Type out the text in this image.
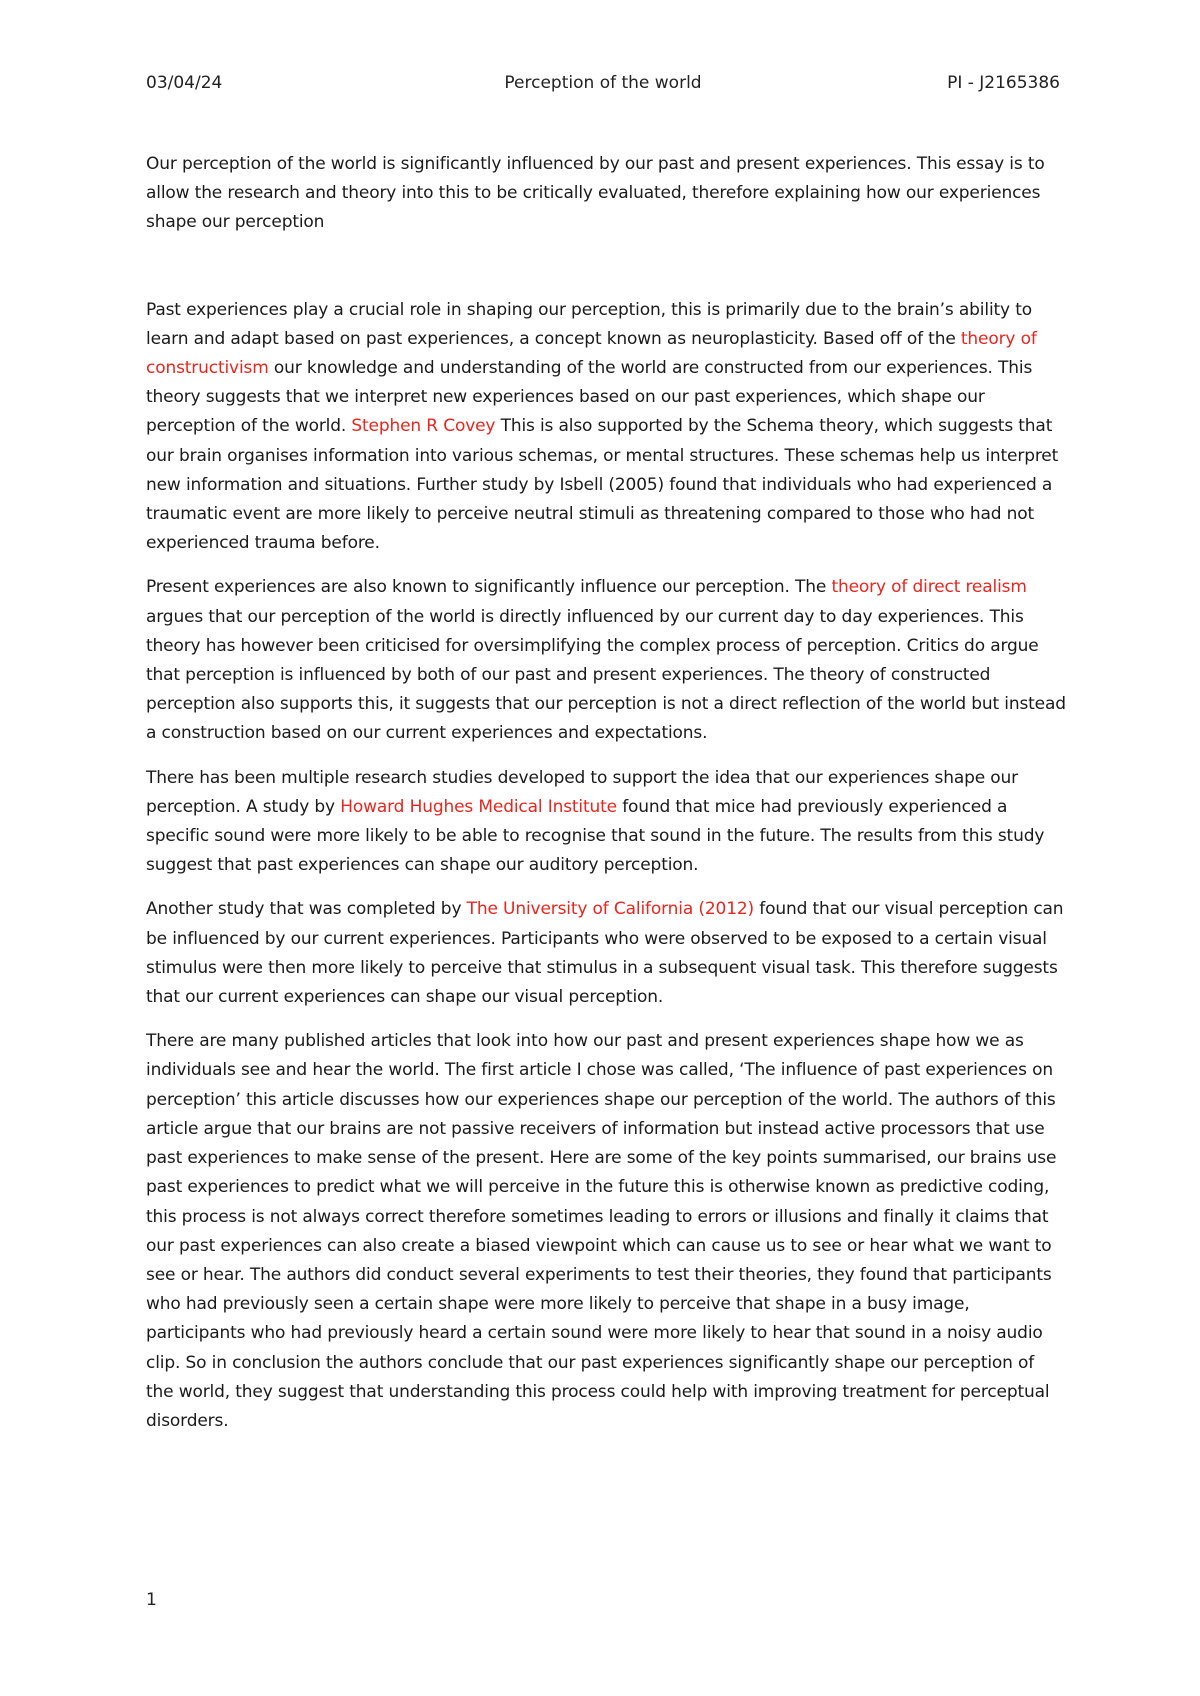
03/04/24	Perception of the world	PI - J2165386

Our perception of the world is significantly influenced by our past and present experiences. This essay is to allow the research and theory into this to be critically evaluated, therefore explaining how our experiences shape our perception

Past experiences play a crucial role in shaping our perception, this is primarily due to the brain’s ability to learn and adapt based on past experiences, a concept known as neuroplasticity. Based off of the theory of constructivism our knowledge and understanding of the world are constructed from our experiences. This theory suggests that we interpret new experiences based on our past experiences, which shape our perception of the world. Stephen R Covey This is also supported by the Schema theory, which suggests that our brain organises information into various schemas, or mental structures. These schemas help us interpret new information and situations. Further study by Isbell (2005) found that individuals who had experienced a traumatic event are more likely to perceive neutral stimuli as threatening compared to those who had not experienced trauma before.

Present experiences are also known to significantly influence our perception. The theory of direct realism argues that our perception of the world is directly influenced by our current day to day experiences. This theory has however been criticised for oversimplifying the complex process of perception. Critics do argue that perception is influenced by both of our past and present experiences. The theory of constructed perception also supports this, it suggests that our perception is not a direct reflection of the world but instead a construction based on our current experiences and expectations.

There has been multiple research studies developed to support the idea that our experiences shape our perception. A study by Howard Hughes Medical Institute found that mice had previously experienced a specific sound were more likely to be able to recognise that sound in the future. The results from this study suggest that past experiences can shape our auditory perception.

Another study that was completed by The University of California (2012) found that our visual perception can be influenced by our current experiences. Participants who were observed to be exposed to a certain visual stimulus were then more likely to perceive that stimulus in a subsequent visual task. This therefore suggests that our current experiences can shape our visual perception.

There are many published articles that look into how our past and present experiences shape how we as individuals see and hear the world. The first article I chose was called, ‘The influence of past experiences on perception’ this article discusses how our experiences shape our perception of the world. The authors of this article argue that our brains are not passive receivers of information but instead active processors that use past experiences to make sense of the present. Here are some of the key points summarised, our brains use past experiences to predict what we will perceive in the future this is otherwise known as predictive coding, this process is not always correct therefore sometimes leading to errors or illusions and finally it claims that our past experiences can also create a biased viewpoint which can cause us to see or hear what we want to see or hear. The authors did conduct several experiments to test their theories, they found that participants who had previously seen a certain shape were more likely to perceive that shape in a busy image, participants who had previously heard a certain sound were more likely to hear that sound in a noisy audio clip. So in conclusion the authors conclude that our past experiences significantly shape our perception of the world, they suggest that understanding this process could help with improving treatment for perceptual disorders.

1
